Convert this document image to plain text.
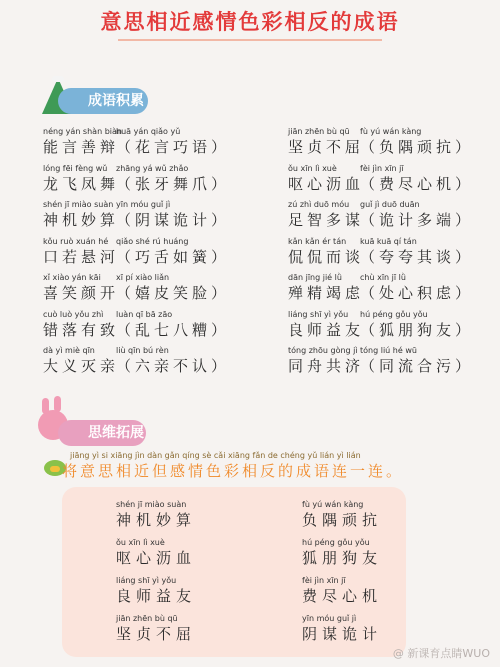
意思相近感情色彩相反的成语
成语积累
néng yán shàn biàn
能言善辩
huā yán qiǎo yǔ
（花言巧语）
jiān zhēn bù qū
坚贞不屈
fù yú wán kàng
（负隅顽抗）
lóng fēi fèng wǔ
龙飞凤舞
zhāng yá wǔ zhǎo
（张牙舞爪）
ǒu xīn lì xuè
呕心沥血
fèi jìn xīn jī
（费尽心机）
shén jī miào suàn
神机妙算
yīn móu guǐ jì
（阴谋诡计）
zú zhì duō móu
足智多谋
guǐ jì duō duān
（诡计多端）
kǒu ruò xuán hé
口若悬河
qiǎo shé rú huáng
（巧舌如簧）
kǎn kǎn ér tán
侃侃而谈
kuā kuā qí tán
（夸夸其谈）
xǐ xiào yán kāi
喜笑颜开
xī pí xiào liǎn
（嬉皮笑脸）
dān jīng jié lǜ
殚精竭虑
chù xīn jī lǜ
（处心积虑）
cuò luò yǒu zhì
错落有致
luàn qī bā zāo
（乱七八糟）
liáng shī yì yǒu
良师益友
hú péng gǒu yǒu
（狐朋狗友）
dà yì miè qīn
大义灭亲
liù qīn bú rèn
（六亲不认）
tóng zhōu gòng jì
同舟共济
tóng liú hé wū
（同流合污）
思维拓展
jiāng yì si xiāng jìn dàn gǎn qíng sè cǎi xiāng fǎn de chéng yǔ lián yì lián
将意思相近但感情色彩相反的成语连一连。
shén jī miào suàn
神机妙算
ǒu xīn lì xuè
呕心沥血
liáng shī yì yǒu
良师益友
jiān zhēn bù qū
坚贞不屈
fù yú wán kàng
负隅顽抗
hú péng gǒu yǒu
狐朋狗友
fèi jìn xīn jī
费尽心机
yīn móu guǐ jì
阴谋诡计
@ 新课育点睛WUO
